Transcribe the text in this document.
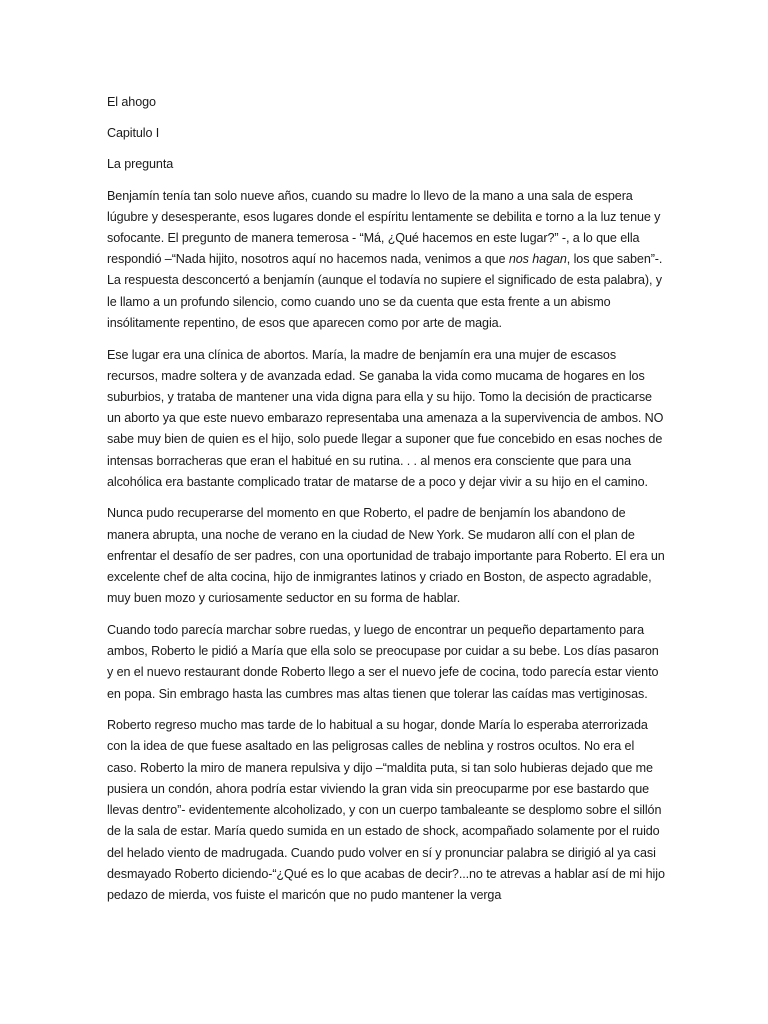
El ahogo

Capitulo I

La pregunta

Benjamín tenía tan solo nueve años, cuando su madre lo llevo de la mano a una sala de espera lúgubre y desesperante, esos lugares donde el espíritu lentamente se debilita e torno a la luz tenue y sofocante. El pregunto de manera temerosa - “Má, ¿Qué hacemos en este lugar?” -, a lo que ella respondió –“Nada hijito, nosotros aquí no hacemos nada, venimos a que nos hagan, los que saben”-. La respuesta desconcertó a benjamín (aunque el todavía no supiere el significado de esta palabra), y le llamo a un profundo silencio, como cuando uno se da cuenta que esta frente a un abismo insólitamente repentino, de esos que aparecen como por arte de magia.

Ese lugar era una clínica de abortos. María, la madre de benjamín era una mujer de escasos recursos, madre soltera y de avanzada edad. Se ganaba la vida como mucama de hogares en los suburbios, y trataba de mantener una vida digna para ella y su hijo. Tomo la decisión de practicarse un aborto ya que este nuevo embarazo representaba una amenaza a la supervivencia de ambos. NO sabe muy bien de quien es el hijo, solo puede llegar a suponer que fue concebido en esas noches de intensas borracheras que eran el habitué en su rutina. . . al menos era consciente que para una alcohólica era bastante complicado tratar de matarse de a poco y dejar vivir a su hijo en el camino.

Nunca pudo recuperarse del momento en que Roberto, el padre de benjamín los abandono de manera abrupta, una noche de verano en la ciudad de New York. Se mudaron allí con el plan de enfrentar el desafío de ser padres, con una oportunidad de trabajo importante para Roberto. El era un excelente chef de alta cocina, hijo de inmigrantes latinos y criado en Boston, de aspecto agradable, muy buen mozo y curiosamente seductor en su forma de hablar.

Cuando todo parecía marchar sobre ruedas, y luego de encontrar un pequeño departamento para ambos, Roberto le pidió a María que ella solo se preocupase por cuidar a su bebe. Los días pasaron y en el nuevo restaurant donde Roberto llego a ser el nuevo jefe de cocina, todo parecía estar viento en popa. Sin embrago hasta las cumbres mas altas tienen que tolerar las caídas mas vertiginosas.

Roberto regreso mucho mas tarde de lo habitual a su hogar, donde María lo esperaba aterrorizada con la idea de que fuese asaltado en las peligrosas calles de neblina y rostros ocultos. No era el caso. Roberto la miro de manera repulsiva y dijo –“maldita puta, si tan solo hubieras dejado que me pusiera un condón, ahora podría estar viviendo la gran vida sin preocuparme por ese bastardo que llevas dentro”- evidentemente alcoholizado, y con un cuerpo tambaleante se desplomo sobre el sillón de la sala de estar. María quedo sumida en un estado de shock, acompañado solamente por el ruido del helado viento de madrugada. Cuando pudo volver en sí y pronunciar palabra se dirigió al ya casi desmayado Roberto diciendo-“¿Qué es lo que acabas de decir?...no te atrevas a hablar así de mi hijo pedazo de mierda, vos fuiste el maricón que no pudo mantener la verga
